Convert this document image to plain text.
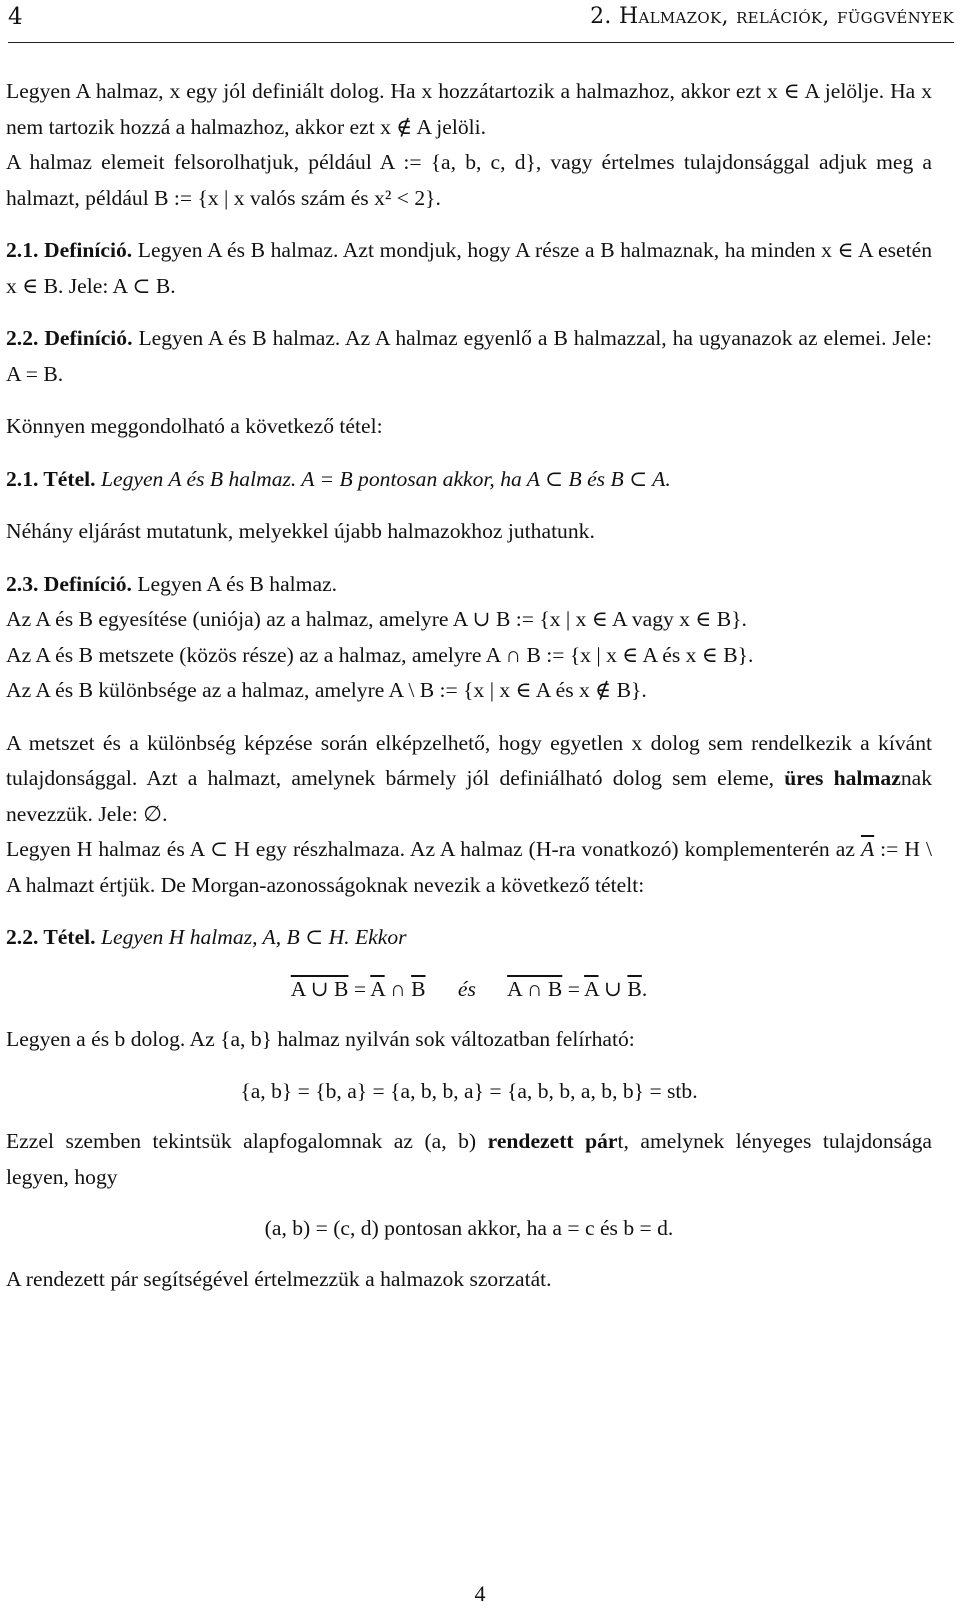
4	2. Halmazok, relációk, függvények

Legyen A halmaz, x egy jól definiált dolog. Ha x hozzátartozik a halmazhoz, akkor ezt x ∈ A jelölje. Ha x nem tartozik hozzá a halmazhoz, akkor ezt x ∉ A jelöli.

A halmaz elemeit felsorolhatjuk, például A := {a, b, c, d}, vagy értelmes tulajdonsággal adjuk meg a halmazt, például B := {x | x valós szám és x² < 2}.

2.1. Definíció. Legyen A és B halmaz. Azt mondjuk, hogy A része a B halmaznak, ha minden x ∈ A esetén x ∈ B. Jele: A ⊂ B.

2.2. Definíció. Legyen A és B halmaz. Az A halmaz egyenlő a B halmazzal, ha ugyanazok az elemei. Jele: A = B.

Könnyen meggondolható a következő tétel:

2.1. Tétel. Legyen A és B halmaz. A = B pontosan akkor, ha A ⊂ B és B ⊂ A.

Néhány eljárást mutatunk, melyekkel újabb halmazokhoz juthatunk.

2.3. Definíció. Legyen A és B halmaz.

Az A és B egyesítése (uniója) az a halmaz, amelyre A ∪ B := {x | x ∈ A vagy x ∈ B}.

Az A és B metszete (közös része) az a halmaz, amelyre A ∩ B := {x | x ∈ A és x ∈ B}.

Az A és B különbsége az a halmaz, amelyre A \ B := {x | x ∈ A és x ∉ B}.

A metszet és a különbség képzése során elképzelhető, hogy egyetlen x dolog sem rendelkezik a kívánt tulajdonsággal. Azt a halmazt, amelynek bármely jól definiálható dolog sem eleme, üres halmaznak nevezzük. Jele: ∅.

Legyen H halmaz és A ⊂ H egy részhalmaza. Az A halmaz (H-ra vonatkozó) komplementerén az $\overline{A}$ := H \ A halmazt értjük. De Morgan-azonosságoknak nevezik a következő tételt:

2.2. Tétel. Legyen H halmaz, A, B ⊂ H. Ekkor

A ∪ $B = \overline{A}$ ∩ $\overline{B}$ és A ∩ $B = \overline{A}$ ∪ $\overline{B}$.

Legyen a és b dolog. Az {a, b} halmaz nyilván sok változatban felírható:

{a, b} = {b, a} = {a, b, b, a} = {a, b, b, a, b, b} = stb.

Ezzel szemben tekintsük alapfogalomnak az (a, b) rendezett párt, amelynek lényeges tulajdonsága legyen, hogy

(a, b) = (c, d) pontosan akkor, ha a = c és b = d.

A rendezett pár segítségével értelmezzük a halmazok szorzatát.

4
